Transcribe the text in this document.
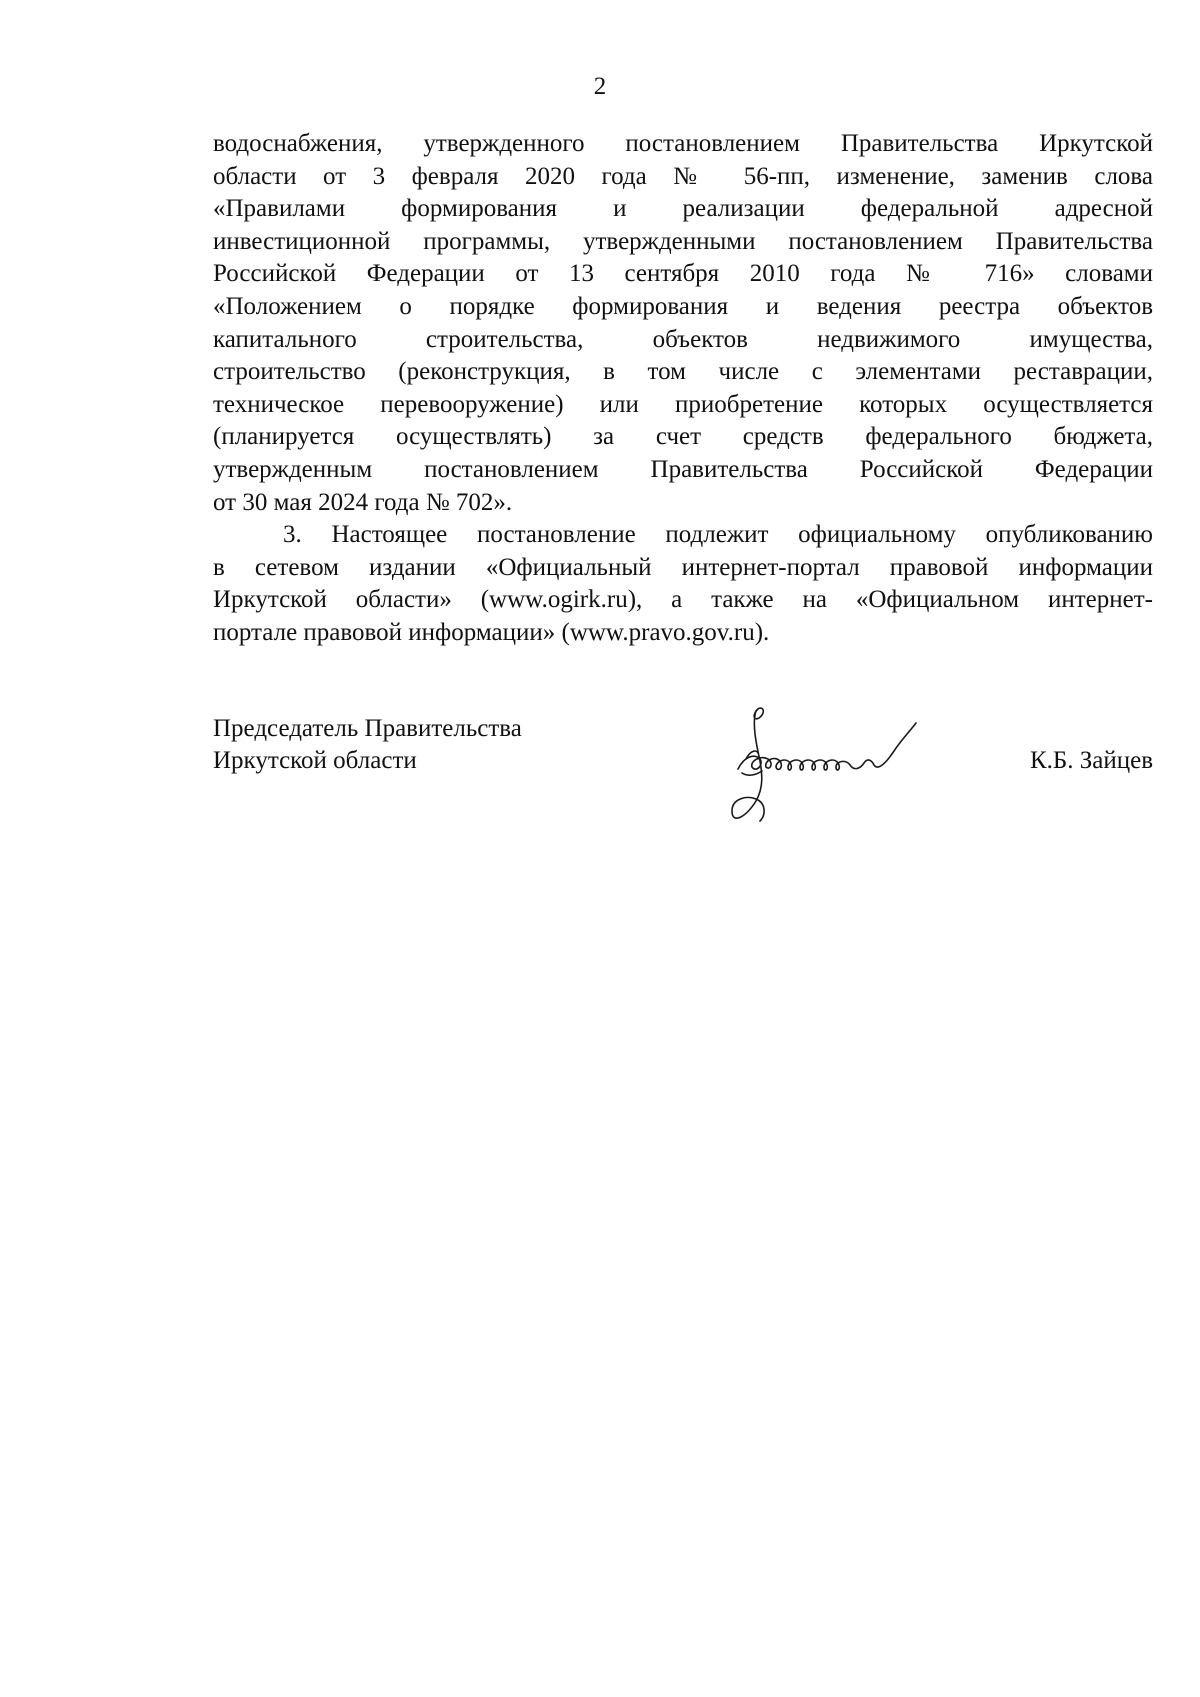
2
водоснабжения, утвержденного постановлением Правительства Иркутской
области от 3 февраля 2020 года № 56-пп, изменение, заменив слова
«Правилами формирования и реализации федеральной адресной
инвестиционной программы, утвержденными постановлением Правительства
Российской Федерации от 13 сентября 2010 года № 716» словами
«Положением о порядке формирования и ведения реестра объектов
капитального строительства, объектов недвижимого имущества,
строительство (реконструкция, в том числе с элементами реставрации,
техническое перевооружение) или приобретение которых осуществляется
(планируется осуществлять) за счет средств федерального бюджета,
утвержденным постановлением Правительства Российской Федерации
от 30 мая 2024 года № 702».
3. Настоящее постановление подлежит официальному опубликованию
в сетевом издании «Официальный интернет-портал правовой информации
Иркутской области» (www.ogirk.ru), а также на «Официальном интернет-
портале правовой информации» (www.pravo.gov.ru).
Председатель Правительства
Иркутской области	К.Б. Зайцев
